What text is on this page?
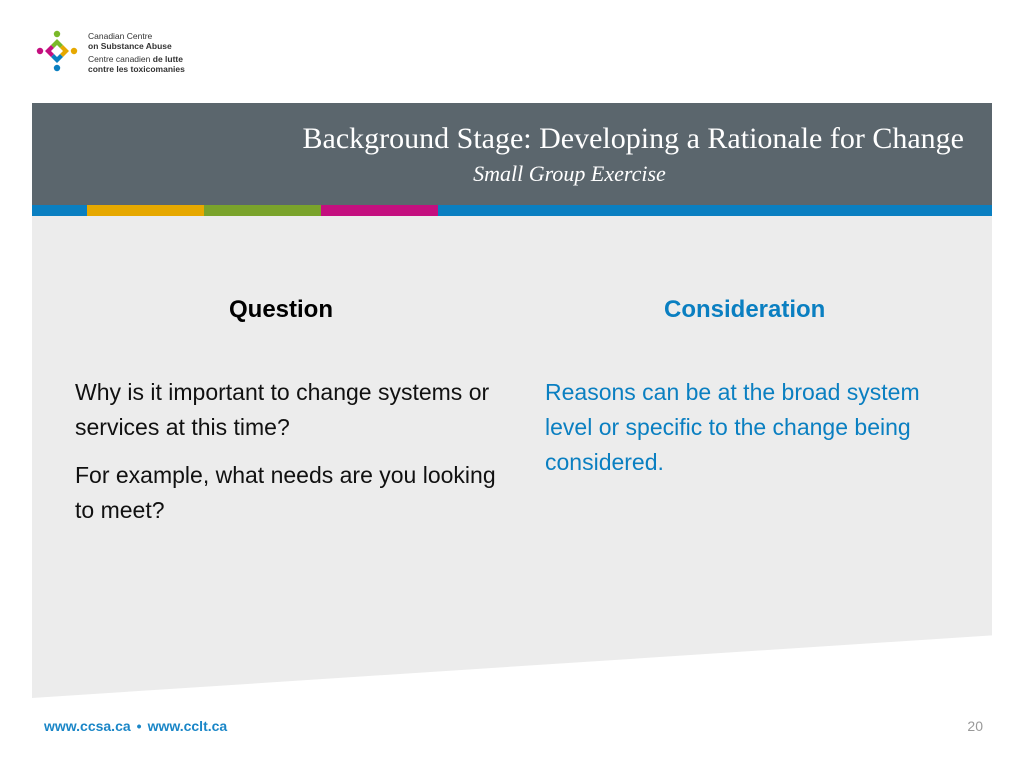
Canadian Centre
on Substance Abuse
Centre canadien de lutte
contre les toxicomanies
Background Stage: Developing a Rationale for Change
Small Group Exercise
Question	Consideration

Why is it important to change systems or services at this time?

For example, what needs are you looking to meet?

Reasons can be at the broad system level or specific to the change being considered.

www.ccsa.ca • www.cclt.ca	20
